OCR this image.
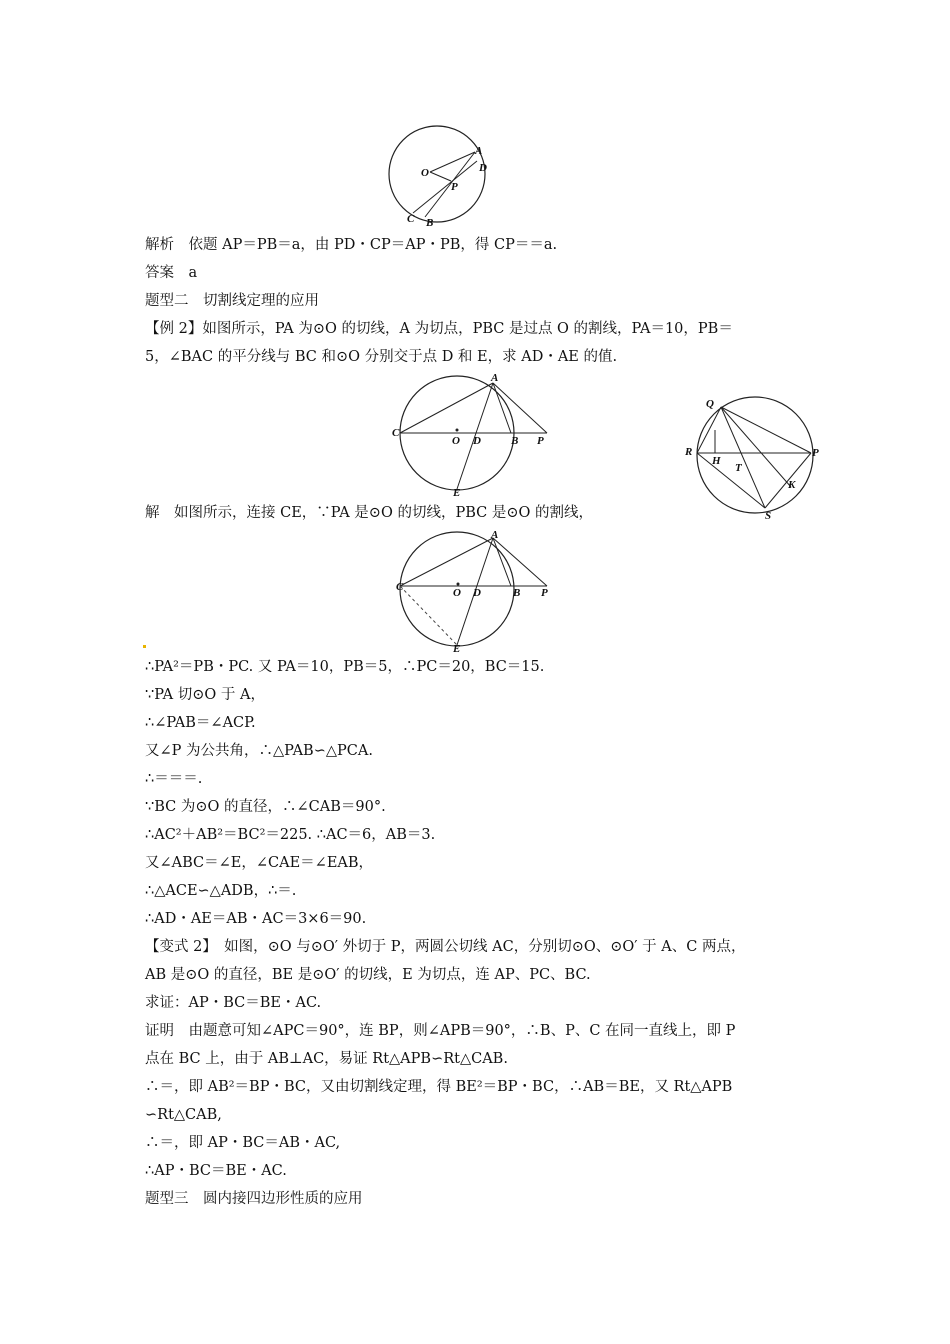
O
A
D
P
C B
A
C
O D	B P
E
Q
R
H
T
P
K
S
A
C	O D	B P
E
解析　依题 AP＝PB＝a，由 PD・CP＝AP・PB，得 CP＝＝a.
答案　a
题型二　切割线定理的应用
【例 2】如图所示，PA 为⊙O 的切线，A 为切点，PBC 是过点 O 的割线，PA＝10，PB＝
5，∠BAC 的平分线与 BC 和⊙O 分别交于点 D 和 E，求 AD・AE 的值.
解　如图所示，连接 CE，∵PA 是⊙O 的切线，PBC 是⊙O 的割线，
∴PA²＝PB・PC. 又 PA＝10，PB＝5，∴PC＝20，BC＝15.
∵PA 切⊙O 于 A，
∴∠PAB＝∠ACP.
又∠P 为公共角，∴△PAB∽△PCA.
∴＝＝＝.
∵BC 为⊙O 的直径，∴∠CAB＝90°.
∴AC²＋AB²＝BC²＝225. ∴AC＝6，AB＝3.
又∠ABC＝∠E，∠CAE＝∠EAB，
∴△ACE∽△ADB，∴＝.
∴AD・AE＝AB・AC＝3×6＝90.
【变式 2】　如图，⊙O 与⊙O′ 外切于 P，两圆公切线 AC，分别切⊙O、⊙O′ 于 A、C 两点，
AB 是⊙O 的直径，BE 是⊙O′ 的切线，E 为切点，连 AP、PC、BC.
求证：AP・BC＝BE・AC.
证明　由题意可知∠APC＝90°，连 BP，则∠APB＝90°，∴B、P、C 在同一直线上，即 P
点在 BC 上，由于 AB⊥AC，易证 Rt△APB∽Rt△CAB.
∴＝，即 AB²＝BP・BC，又由切割线定理，得 BE²＝BP・BC，∴AB＝BE，又 Rt△APB
∽Rt△CAB,
∴＝，即 AP・BC＝AB・AC,
∴AP・BC＝BE・AC.
题型三　圆内接四边形性质的应用
